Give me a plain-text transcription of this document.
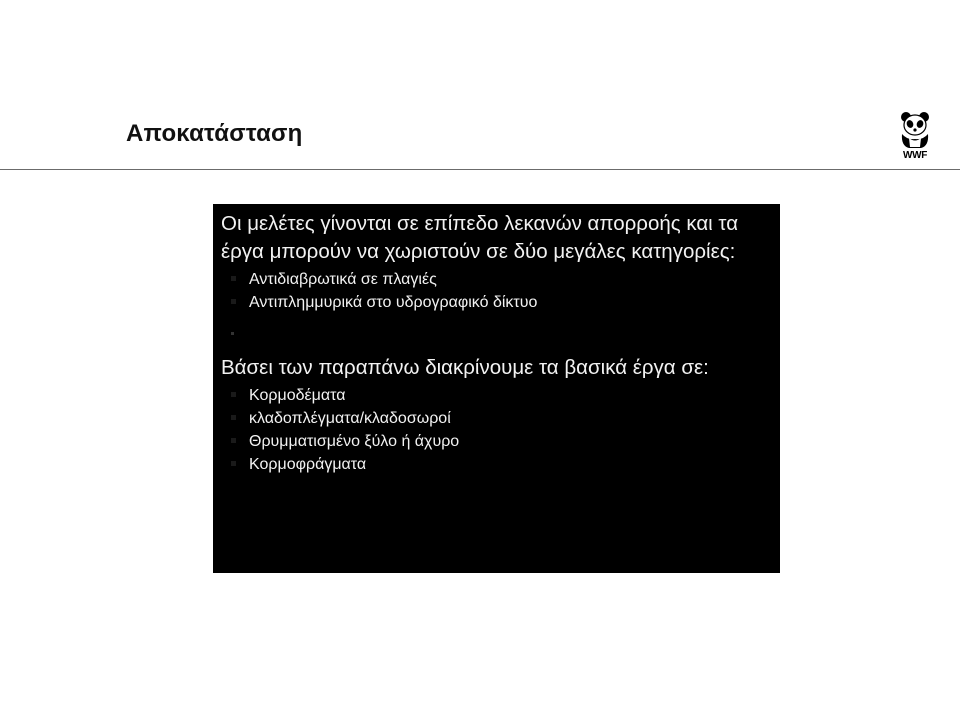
Αποκατάσταση
WWF

Οι μελέτες γίνονται σε επίπεδο λεκανών απορροής και τα έργα μπορούν να χωριστούν σε δύο μεγάλες κατηγορίες:

Αντιδιαβρωτικά σε πλαγιές
Αντιπλημμυρικά στο υδρογραφικό δίκτυο

Βάσει των παραπάνω διακρίνουμε τα βασικά έργα σε:

Κορμοδέματα
κλαδοπλέγματα/κλαδοσωροί
Θρυμματισμένο ξύλο ή άχυρο
Κορμοφράγματα
